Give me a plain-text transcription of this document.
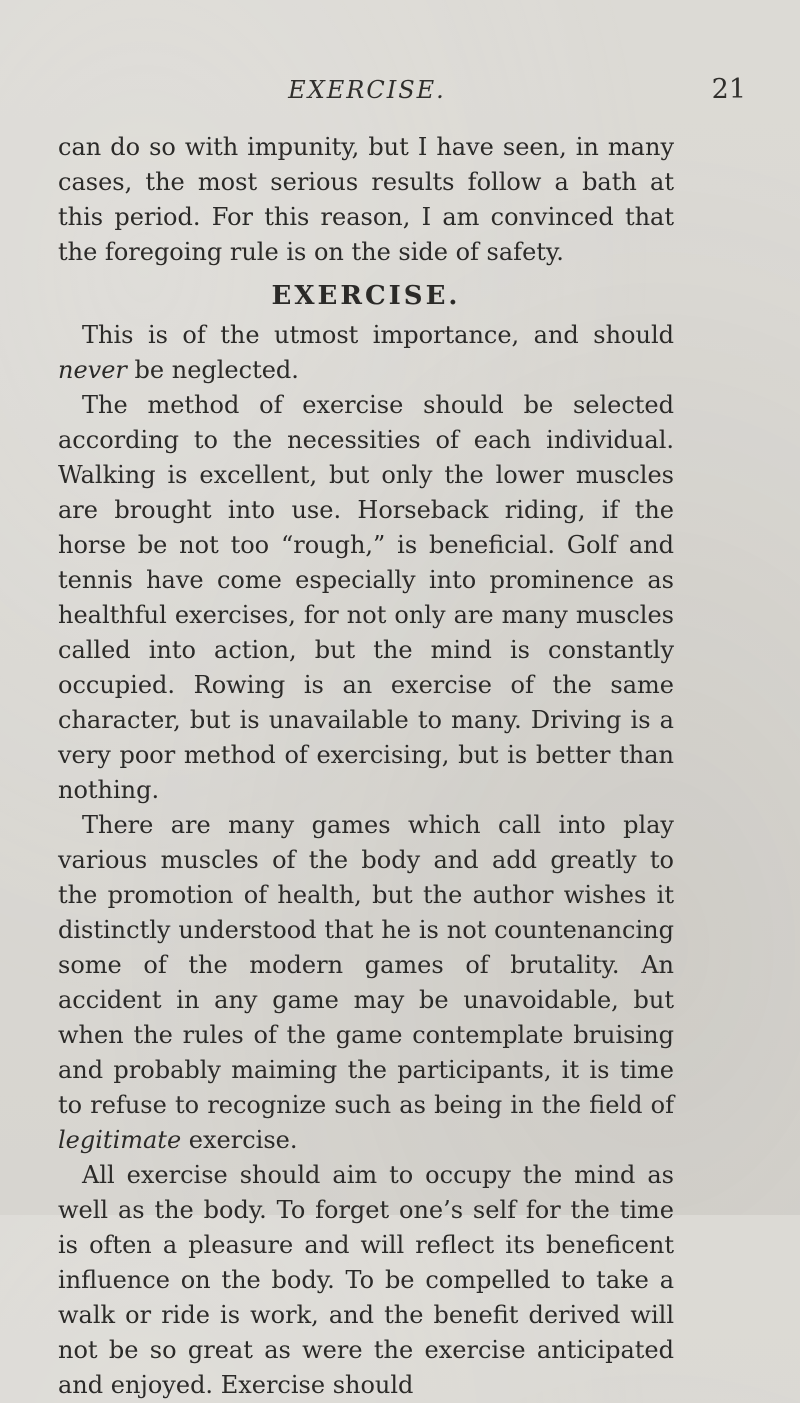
EXERCISE.	21

can do so with impunity, but I have seen, in many cases, the most serious results follow a bath at this period. For this reason, I am convinced that the foregoing rule is on the side of safety.

EXERCISE.

This is of the utmost importance, and should never be neglected.

The method of exercise should be selected according to the necessities of each individual. Walking is excellent, but only the lower muscles are brought into use. Horseback riding, if the horse be not too “rough,” is beneficial. Golf and tennis have come especially into prominence as healthful exercises, for not only are many muscles called into action, but the mind is constantly occupied. Rowing is an exercise of the same character, but is unavailable to many. Driving is a very poor method of exercising, but is better than nothing.

There are many games which call into play various muscles of the body and add greatly to the promotion of health, but the author wishes it distinctly understood that he is not countenancing some of the modern games of brutality. An accident in any game may be unavoidable, but when the rules of the game contemplate bruising and probably maiming the participants, it is time to refuse to recognize such as being in the field of legitimate exercise.

All exercise should aim to occupy the mind as well as the body. To forget one’s self for the time is often a pleasure and will reflect its beneficent influence on the body. To be compelled to take a walk or ride is work, and the benefit derived will not be so great as were the exercise anticipated and enjoyed. Exercise should
